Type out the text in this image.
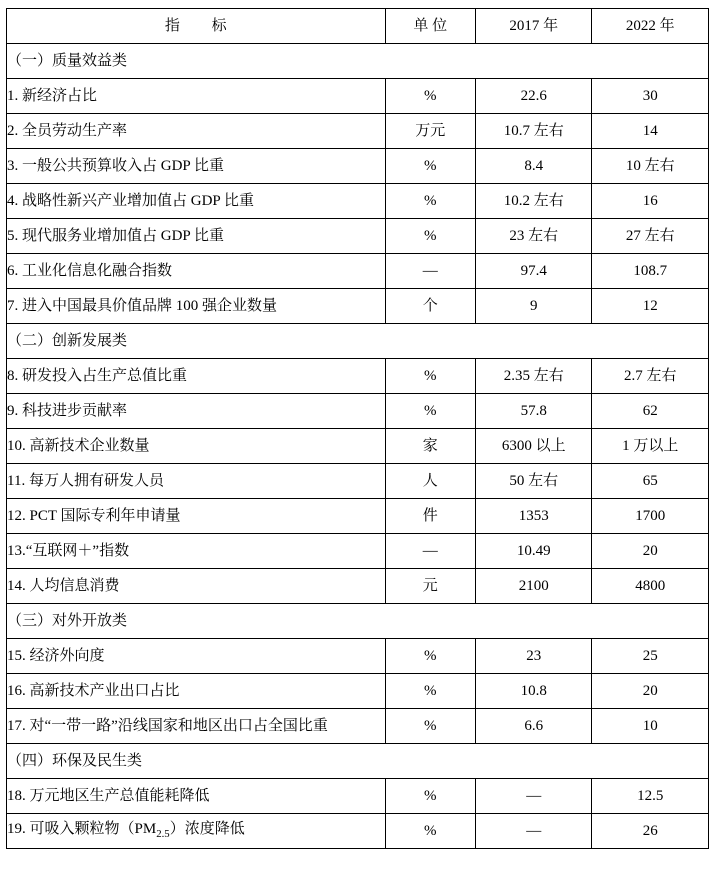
指 标	单 位	2017 年	2022 年
（一）质量效益类			
1. 新经济占比	%	22.6	30
2. 全员劳动生产率	万元	10.7 左右	14
3. 一般公共预算收入占 GDP 比重	%	8.4	10 左右
4. 战略性新兴产业增加值占 GDP 比重	%	10.2 左右	16
5. 现代服务业增加值占 GDP 比重	%	23 左右	27 左右
6. 工业化信息化融合指数	—	97.4	108.7
7. 进入中国最具价值品牌 100 强企业数量	个	9	12
（二）创新发展类			
8. 研发投入占生产总值比重	%	2.35 左右	2.7 左右
9. 科技进步贡献率	%	57.8	62
10. 高新技术企业数量	家	6300 以上	1 万以上
11. 每万人拥有研发人员	人	50 左右	65
12. PCT 国际专利年申请量	件	1353	1700
13.“互联网＋”指数	—	10.49	20
14. 人均信息消费	元	2100	4800
（三）对外开放类			
15. 经济外向度	%	23	25
16. 高新技术产业出口占比	%	10.8	20
17. 对“一带一路”沿线国家和地区出口占全国比重	%	6.6	10
（四）环保及民生类			
18. 万元地区生产总值能耗降低	%	—	12.5
19. 可吸入颗粒物$(PM_{2.5})$浓度降低	%	—	26
